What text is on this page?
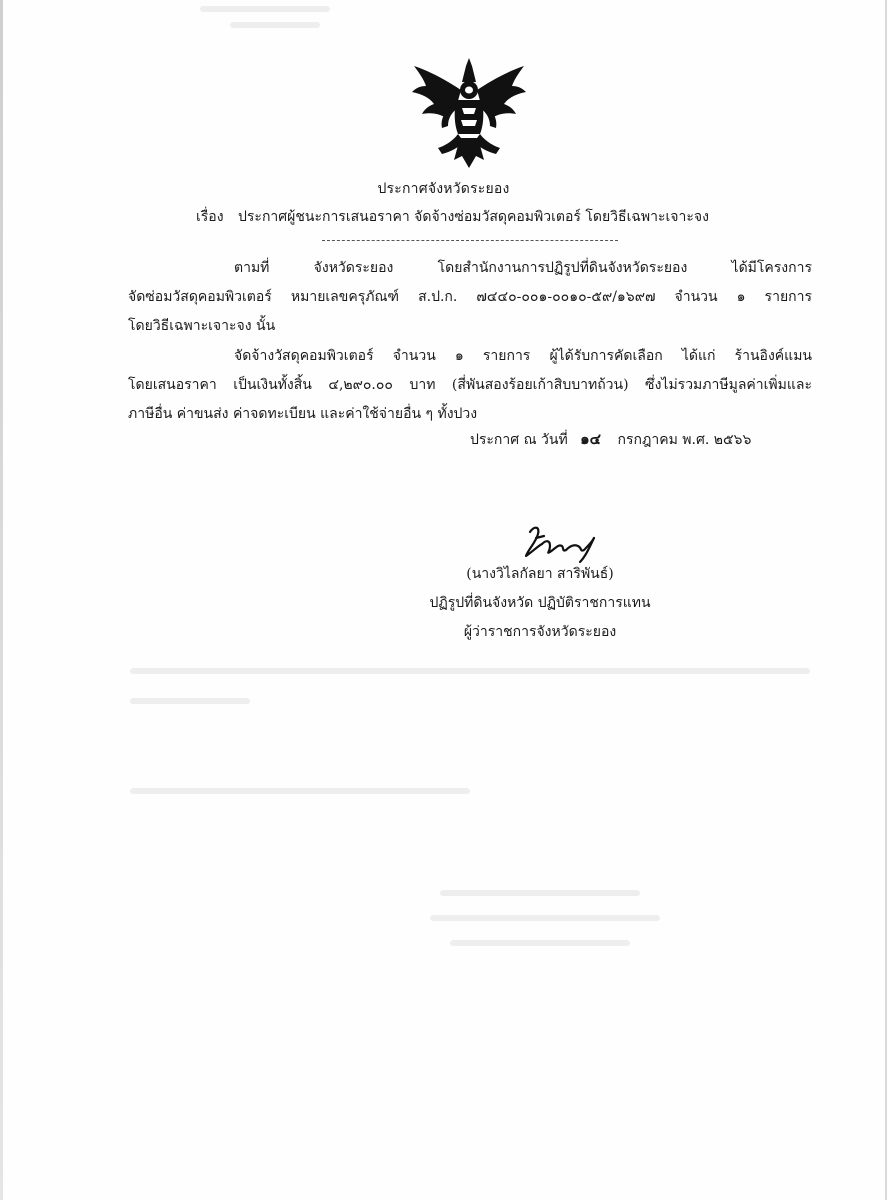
ประกาศจังหวัดระยอง
เรื่อง ประกาศผู้ชนะการเสนอราคา จัดจ้างซ่อมวัสดุคอมพิวเตอร์ โดยวิธีเฉพาะเจาะจง
ตามที่ จังหวัดระยอง โดยสำนักงานการปฏิรูปที่ดินจังหวัดระยอง ได้มีโครงการ
จัดซ่อมวัสดุคอมพิวเตอร์ หมายเลขครุภัณฑ์ ส.ป.ก. ๗๔๔๐-๐๐๑-๐๐๑๐-๕๙/๑๖๙๗ จำนวน ๑ รายการ
โดยวิธีเฉพาะเจาะจง นั้น
จัดจ้างวัสดุคอมพิวเตอร์ จำนวน ๑ รายการ ผู้ได้รับการคัดเลือก ได้แก่ ร้านอิงค์แมน
โดยเสนอราคา เป็นเงินทั้งสิ้น ๔,๒๙๐.๐๐ บาท (สี่พันสองร้อยเก้าสิบบาทถ้วน) ซึ่งไม่รวมภาษีมูลค่าเพิ่มและ
ภาษีอื่น ค่าขนส่ง ค่าจดทะเบียน และค่าใช้จ่ายอื่น ๆ ทั้งปวง
ประกาศ ณ วันที่ ๑๔ กรกฎาคม พ.ศ. ๒๕๖๖
(นางวิไลกัลยา สาริพันธ์)
ปฏิรูปที่ดินจังหวัด ปฏิบัติราชการแทน
ผู้ว่าราชการจังหวัดระยอง
